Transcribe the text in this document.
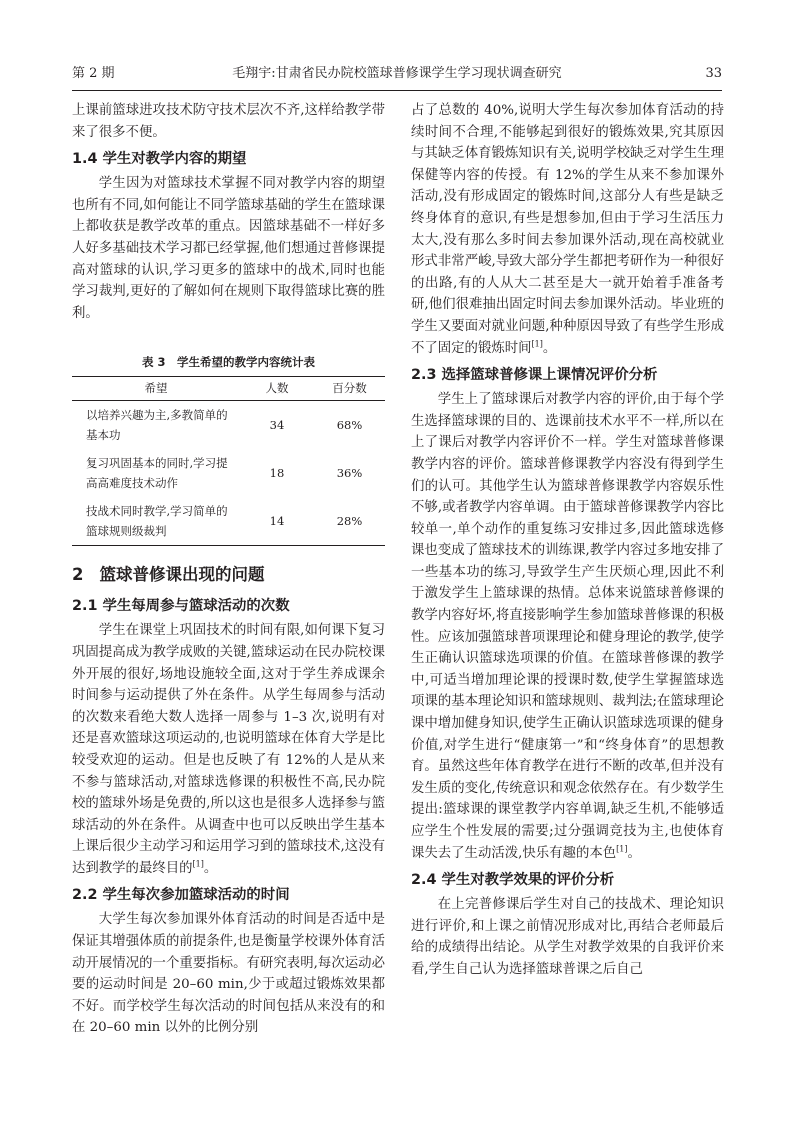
第 2 期	毛翔宇:甘肃省民办院校篮球普修课学生学习现状调查研究	33

上课前篮球进攻技术防守技术层次不齐,这样给教学带来了很多不便。

1.4 学生对教学内容的期望

学生因为对篮球技术掌握不同对教学内容的期望也所有不同,如何能让不同学篮球基础的学生在篮球课上都收获是教学改革的重点。因篮球基础不一样好多人好多基础技术学习都已经掌握,他们想通过普修课提高对篮球的认识,学习更多的篮球中的战术,同时也能学习裁判,更好的了解如何在规则下取得篮球比赛的胜利。

表 3　学生希望的教学内容统计表
希望	人数	百分数
以培养兴趣为主,多教简单的基本功	34	68%
复习巩固基本的同时,学习提高高难度技术动作	18	36%
技战术同时教学,学习简单的篮球规则级裁判	14	28%
2 篮球普修课出现的问题
2.1 学生每周参与篮球活动的次数

学生在课堂上巩固技术的时间有限,如何课下复习巩固提高成为教学成败的关键,篮球运动在民办院校课外开展的很好,场地设施较全面,这对于学生养成课余时间参与运动提供了外在条件。从学生每周参与活动的次数来看绝大数人选择一周参与 1–3 次,说明有对还是喜欢篮球这项运动的,也说明篮球在体育大学是比较受欢迎的运动。但是也反映了有 12%的人是从来不参与篮球活动,对篮球选修课的积极性不高,民办院校的篮球外场是免费的,所以这也是很多人选择参与篮球活动的外在条件。从调查中也可以反映出学生基本上课后很少主动学习和运用学习到的篮球技术,这没有达到教学的最终目的[1]。

2.2 学生每次参加篮球活动的时间

大学生每次参加课外体育活动的时间是否适中是保证其增强体质的前提条件,也是衡量学校课外体育活动开展情况的一个重要指标。有研究表明,每次运动必要的运动时间是 20–60 min,少于或超过锻炼效果都不好。而学校学生每次活动的时间包括从来没有的和在 20–60 min 以外的比例分别

占了总数的 40%,说明大学生每次参加体育活动的持续时间不合理,不能够起到很好的锻炼效果,究其原因与其缺乏体育锻炼知识有关,说明学校缺乏对学生生理保健等内容的传授。有 12%的学生从来不参加课外活动,没有形成固定的锻炼时间,这部分人有些是缺乏终身体育的意识,有些是想参加,但由于学习生活压力太大,没有那么多时间去参加课外活动,现在高校就业形式非常严峻,导致大部分学生都把考研作为一种很好的出路,有的人从大二甚至是大一就开始着手准备考研,他们很难抽出固定时间去参加课外活动。毕业班的学生又要面对就业问题,种种原因导致了有些学生形成不了固定的锻炼时间[1]。

2.3 选择篮球普修课上课情况评价分析

学生上了篮球课后对教学内容的评价,由于每个学生选择篮球课的目的、选课前技术水平不一样,所以在上了课后对教学内容评价不一样。学生对篮球普修课教学内容的评价。篮球普修课教学内容没有得到学生们的认可。其他学生认为篮球普修课教学内容娱乐性不够,或者教学内容单调。由于篮球普修课教学内容比较单一,单个动作的重复练习安排过多,因此篮球选修课也变成了篮球技术的训练课,教学内容过多地安排了一些基本功的练习,导致学生产生厌烦心理,因此不利于激发学生上篮球课的热情。总体来说篮球普修课的教学内容好坏,将直接影响学生参加篮球普修课的积极性。应该加强篮球普项课理论和健身理论的教学,使学生正确认识篮球选项课的价值。在篮球普修课的教学中,可适当增加理论课的授课时数,使学生掌握篮球选项课的基本理论知识和篮球规则、裁判法;在篮球理论课中增加健身知识,使学生正确认识篮球选项课的健身价值,对学生进行“健康第一”和“终身体育”的思想教育。虽然这些年体育教学在进行不断的改革,但并没有发生质的变化,传统意识和观念依然存在。有少数学生提出:篮球课的课堂教学内容单调,缺乏生机,不能够适应学生个性发展的需要;过分强调竞技为主,也使体育课失去了生动活泼,快乐有趣的本色[1]。

2.4 学生对教学效果的评价分析

在上完普修课后学生对自己的技战术、理论知识进行评价,和上课之前情况形成对比,再结合老师最后给的成绩得出结论。从学生对教学效果的自我评价来看,学生自己认为选择篮球普课之后自己
